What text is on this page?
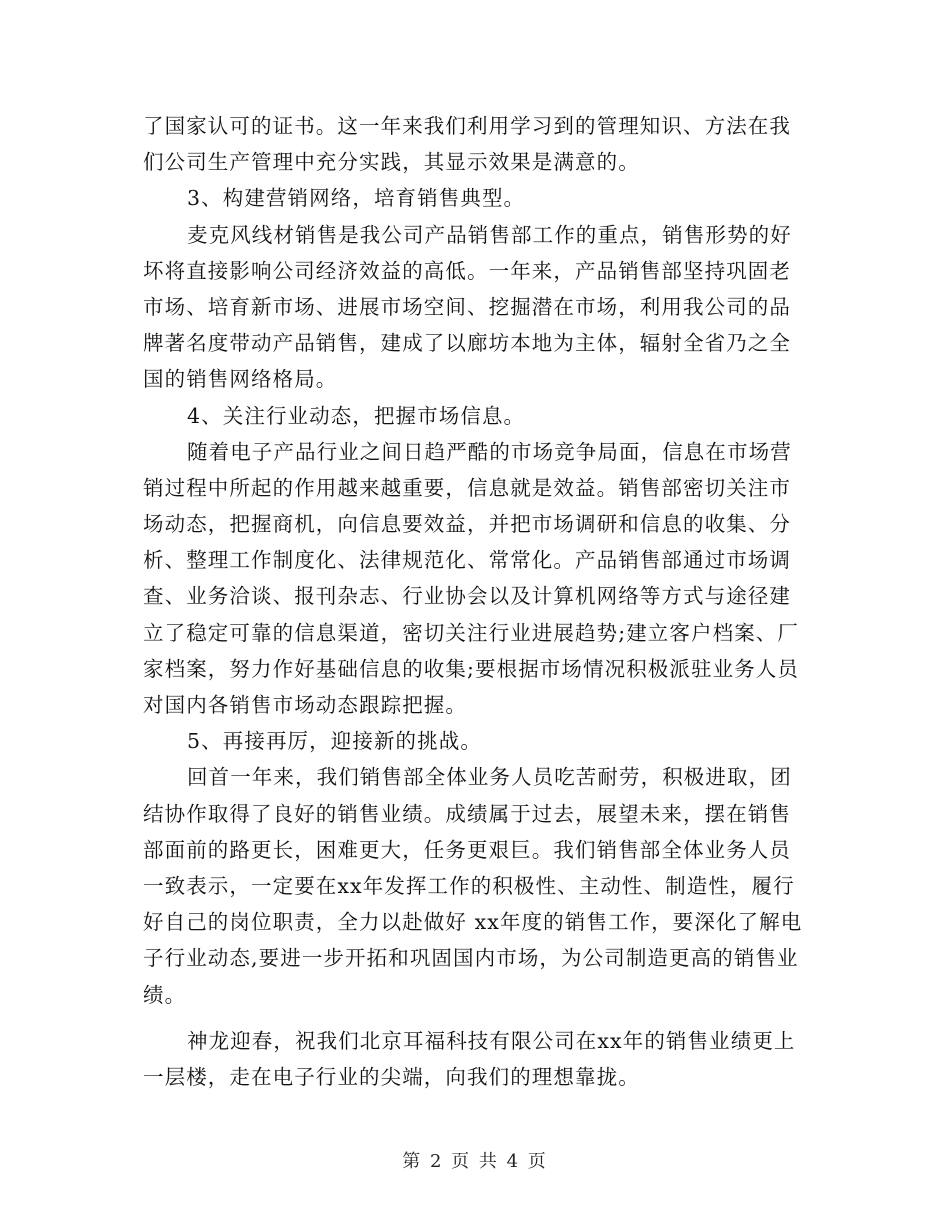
了国家认可的证书。这一年来我们利用学习到的管理知识、方法在我
们公司生产管理中充分实践，其显示效果是满意的。
3、构建营销网络，培育销售典型。
麦克风线材销售是我公司产品销售部工作的重点，销售形势的好
坏将直接影响公司经济效益的高低。一年来，产品销售部坚持巩固老
市场、培育新市场、进展市场空间、挖掘潜在市场，利用我公司的品
牌著名度带动产品销售，建成了以廊坊本地为主体，辐射全省乃之全
国的销售网络格局。
4、关注行业动态，把握市场信息。
随着电子产品行业之间日趋严酷的市场竞争局面，信息在市场营
销过程中所起的作用越来越重要，信息就是效益。销售部密切关注市
场动态，把握商机，向信息要效益，并把市场调研和信息的收集、分
析、整理工作制度化、法律规范化、常常化。产品销售部通过市场调
查、业务洽谈、报刊杂志、行业协会以及计算机网络等方式与途径建
立了稳定可靠的信息渠道，密切关注行业进展趋势;建立客户档案、厂
家档案，努力作好基础信息的收集;要根据市场情况积极派驻业务人员
对国内各销售市场动态跟踪把握。
5、再接再厉，迎接新的挑战。
回首一年来，我们销售部全体业务人员吃苦耐劳，积极进取，团
结协作取得了良好的销售业绩。成绩属于过去，展望未来，摆在销售
部面前的路更长，困难更大，任务更艰巨。我们销售部全体业务人员
一致表示，一定要在xx年发挥工作的积极性、主动性、制造性，履行
好自己的岗位职责，全力以赴做好 xx年度的销售工作，要深化了解电
子行业动态,要进一步开拓和巩固国内市场，为公司制造更高的销售业
绩。
神龙迎春，祝我们北京耳福科技有限公司在xx年的销售业绩更上
一层楼，走在电子行业的尖端，向我们的理想靠拢。
第 2 页 共 4 页
